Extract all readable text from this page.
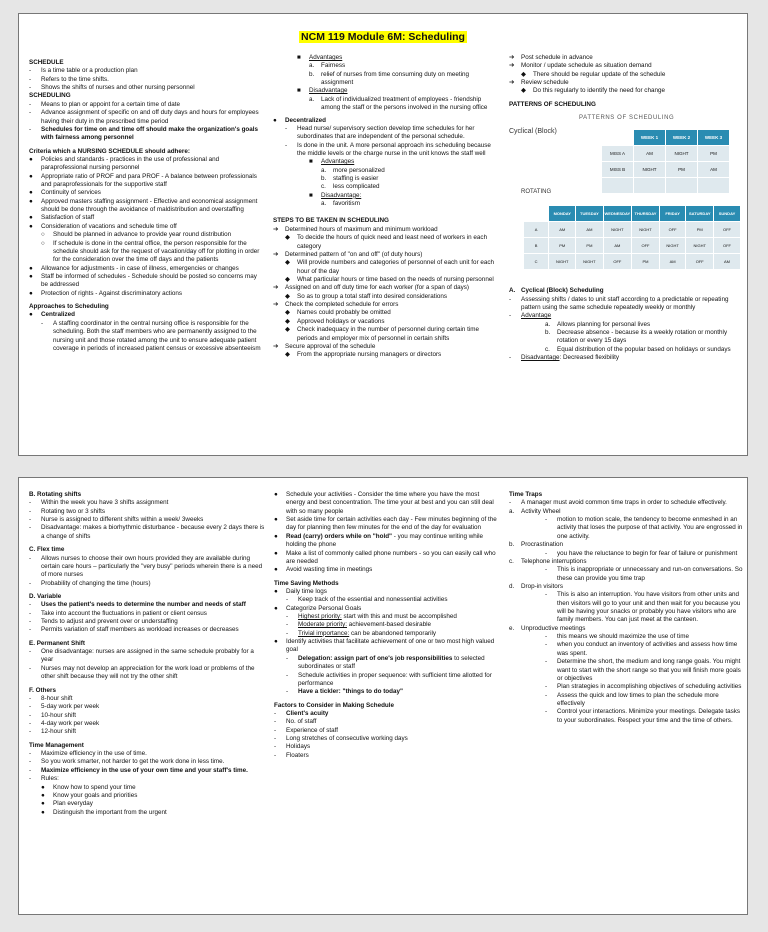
NCM 119 Module 6M: Scheduling

SCHEDULE

-	Is a time table or a production plan
-	Refers to the time shifts.
-	Shows the shifts of nurses and other nursing personnel

SCHEDULING

-	Means to plan or appoint for a certain time of date
-	Advance assignment of specific on and off duty days and hours for employees having their duty in the prescribed time period
-	Schedules for time on and time off should make the organization's goals with fairness among personnel

Criteria which a NURSING SCHEDULE should adhere:

●	Policies and standards - practices in the use of professional and paraprofessional nursing personnel
●	Appropriate ratio of PROF and para PROF - A balance between professionals and paraprofessionals for the supportive staff
●	Continuity of services
●	Approved masters staffing assignment - Effective and economical assignment should be done through the avoidance of maldistribution and overstaffing
●	Satisfaction of staff
●	Consideration of vacations and schedule time off
○	Should be planned in advance to provide year round distribution
○	If schedule is done in the central office, the person responsible for the schedule should ask for the request of vacation/day off for plotting in order for the consideration over the time off days and the patients
●	Allowance for adjustments - in case of illness, emergencies or changes
●	Staff be informed of schedules - Schedule should be posted so concerns may be addressed
●	Protection of rights - Against discriminatory actions

Approaches to Scheduling

●	Centralized
-	A staffing coordinator in the central nursing office is responsible for the scheduling. Both the staff members who are permanently assigned to the nursing unit and those rotated among the unit to ensure adequate patient coverage in periods of increased patient census or excessive absenteeism
■	Advantages
a.	Fairness
b.	relief of nurses from time consuming duty on meeting assignment
■	Disadvantage
a.	Lack of individualized treatment of employees - friendship among the staff or the persons involved in the nursing office
●	Decentralized
-	Head nurse/ supervisory section develop time schedules for her subordinates that are independent of the personal schedule.
-	Is done in the unit. A more personal approach ins scheduling because the middle levels or the charge nurse in the unit knows the staff well
■	Advantages
a.	more personalized
b.	staffing is easier
c.	less complicated
■	Disadvantage:
a.	favoritism

STEPS TO BE TAKEN IN SCHEDULING

➔	Determined hours of maximum and minimum workload
◆	To decide the hours of quick need and least need of workers in each category
➔	Determined pattern of "on and off" (of duty hours)
◆	Will provide numbers and categories of personnel of each unit for each hour of the day
◆	What particular hours or time based on the needs of nursing personnel
➔	Assigned on and off duty time for each worker (for a span of days)
◆	So as to group a total staff into desired considerations
➔	Check the completed schedule for errors
◆	Names could probably be omitted
◆	Approved holidays or vacations
◆	Check inadequacy in the number of personnel during certain time periods and employer mix of personnel in certain shifts
➔	Secure approval of the schedule
◆	From the appropriate nursing managers or directors
➔	Post schedule in advance
➔	Monitor / update schedule as situation demand
◆	There should be regular update of the schedule
➔	Review schedule
◆	Do this regularly to identify the need for change

PATTERNS OF SCHEDULING

PATTERNS OF SCHEDULING
Cyclical (Block)
	WEEK 1	WEEK 2	WEEK 3
MISS A	AM	NIGHT	PM
MISS B	NIGHT	PM	AM

ROTATING
	MONDAY	TUESDAY	WEDNESDAY	THURSDAY	FRIDAY	SATURDAY	SUNDAY
A	AM	AM	NIGHT	NIGHT	OFF	PM	OFF
B	PM	PM	AM	OFF	NIGHT	NIGHT	OFF
C	NIGHT	NIGHT	OFF	PM	AM	OFF	AM
A. Cyclical (Block) Scheduling
-	Assessing shifts / dates to unit staff according to a predictable or repeating pattern using the same schedule repeatedly weekly or monthly
-	Advantage
a.	Allows planning for personal lives
b.	Decrease absence - because its a weekly rotation or monthly rotation or every 15 days
c.	Equal distribution of the popular based on holidays or sundays
-	Disadvantage: Decreased flexibility

B. Rotating shifts

-	Within the week you have 3 shifts assignment
-	Rotating two or 3 shifts
-	Nurse is assigned to different shifts within a week/ 3weeks
-	Disadvantage: makes a biorhythmic disturbance - because every 2 days there is a change of shifts

C. Flex time

-	Allows nurses to choose their own hours provided they are available during certain care hours – particularly the "very busy" periods wherein there is a need of more nurses
-	Probability of changing the time (hours)

D. Variable

-	Uses the patient's needs to determine the number and needs of staff
-	Take into account the fluctuations in patient or client census
-	Tends to adjust and prevent over or understaffing
-	Permits variation of staff members as workload increases or decreases

E. Permanent Shift

-	One disadvantage: nurses are assigned in the same schedule probably for a year
-	Nurses may not develop an appreciation for the work load or problems of the other shift because they will not try the other shift

F. Others

-	8-hour shift
-	5-day work per week
-	10-hour shift
-	4-day work per week
-	12-hour shift

Time Management

-	Maximize efficiency in the use of time.
-	So you work smarter, not harder to get the work done in less time.
-	Maximize efficiency in the use of your own time and your staff's time.
-	Rules:
●	Know how to spend your time
●	Know your goals and priorities
●	Plan everyday
●	Distinguish the important from the urgent
●	Schedule your activities - Consider the time where you have the most energy and best concentration. The time your at best and you can still deal with so many people
●	Set aside time for certain activities each day - Few minutes beginning of the day for planning then few minutes for the end of the day for evaluation
●	Read (carry) orders while on "hold" - you may continue writing while holding the phone
●	Make a list of commonly called phone numbers - so you can easily call who are needed
●	Avoid wasting time in meetings

Time Saving Methods

●	Daily time logs
-	Keep track of the essential and nonessential activities
●	Categorize Personal Goals
-	Highest priority: start with this and must be accomplished
-	Moderate priority: achievement-based desirable
-	Trivial importance: can be abandoned temporarily
●	Identify activities that facilitate achievement of one or two most high valued goal
-	Delegation: assign part of one's job responsibilities to selected subordinates or staff
-	Schedule activities in proper sequence: with sufficient time allotted for performance
-	Have a tickler: "things to do today"

Factors to Consider in Making Schedule

-	Client's acuity
-	No. of staff
-	Experience of staff
-	Long stretches of consecutive working days
-	Holidays
-	Floaters

Time Traps

-	A manager must avoid common time traps in order to schedule effectively.
a.	Activity Wheel
-	motion to motion scale, the tendency to become enmeshed in an activity that loses the purpose of that activity. You are engrossed in one activity.
b.	Procrastination
-	you have the reluctance to begin for fear of failure or punishment
c.	Telephone interruptions
-	This is inappropriate or unnecessary and run-on conversations. So these can provide you time trap
d.	Drop-in visitors
-	This is also an interruption. You have visitors from other units and then visitors will go to your unit and then wait for you because you will be having your snacks or probably you have visitors who are family members. You can just meet at the canteen.
e.	Unproductive meetings
-	this means we should maximize the use of time
-	when you conduct an inventory of activities and assess how time was spent.
-	Determine the short, the medium and long range goals. You might want to start with the short range so that you will finish more goals or objectives
-	Plan strategies in accomplishing objectives of scheduling activities
-	Assess the quick and low times to plan the schedule more effectively
-	Control your interactions. Minimize your meetings. Delegate tasks to your subordinates. Respect your time and the time of others.
